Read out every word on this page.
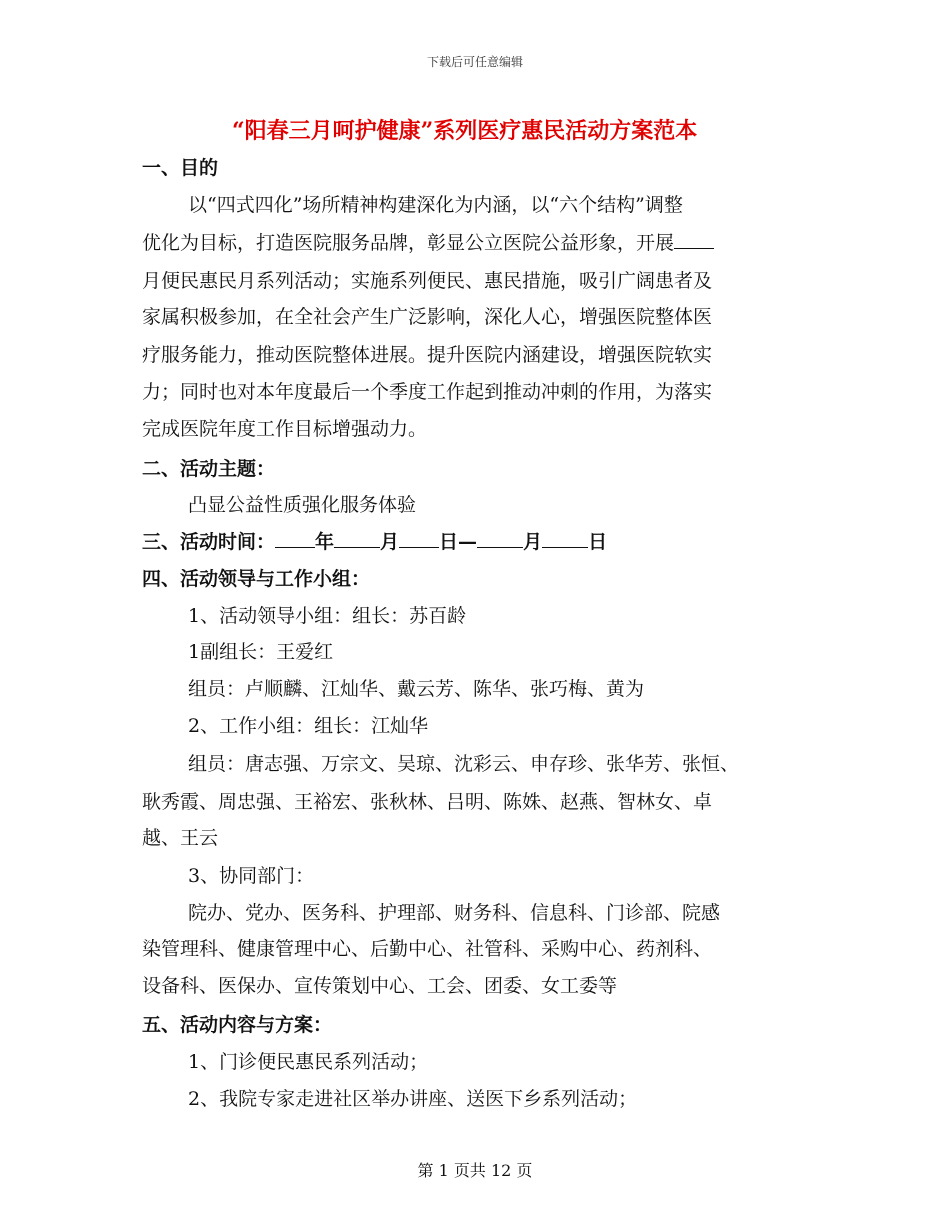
下载后可任意编辑
“阳春三月呵护健康”系列医疗惠民活动方案范本
一、目的
以“四式四化”场所精神构建深化为内涵，以“六个结构”调整
优化为目标，打造医院服务品牌，彰显公立医院公益形象，开展
月便民惠民月系列活动；实施系列便民、惠民措施，吸引广阔患者及
家属积极参加，在全社会产生广泛影响，深化人心，增强医院整体医
疗服务能力，推动医院整体进展。提升医院内涵建设，增强医院软实
力；同时也对本年度最后一个季度工作起到推动冲刺的作用，为落实
完成医院年度工作目标增强动力。
二、活动主题：
凸显公益性质强化服务体验
三、活动时间： 年 月 日— 月 日
四、活动领导与工作小组：
1、活动领导小组：组长：苏百龄
1副组长：王爱红
组员：卢顺麟、江灿华、戴云芳、陈华、张巧梅、黄为
2、工作小组：组长：江灿华
组员：唐志强、万宗文、吴琼、沈彩云、申存珍、张华芳、张恒、
耿秀霞、周忠强、王裕宏、张秋林、吕明、陈姝、赵燕、智林女、卓
越、王云
3、协同部门：
院办、党办、医务科、护理部、财务科、信息科、门诊部、院感
染管理科、健康管理中心、后勤中心、社管科、采购中心、药剂科、
设备科、医保办、宣传策划中心、工会、团委、女工委等
五、活动内容与方案：
1、门诊便民惠民系列活动；
2、我院专家走进社区举办讲座、送医下乡系列活动；
第 1 页共 12 页
